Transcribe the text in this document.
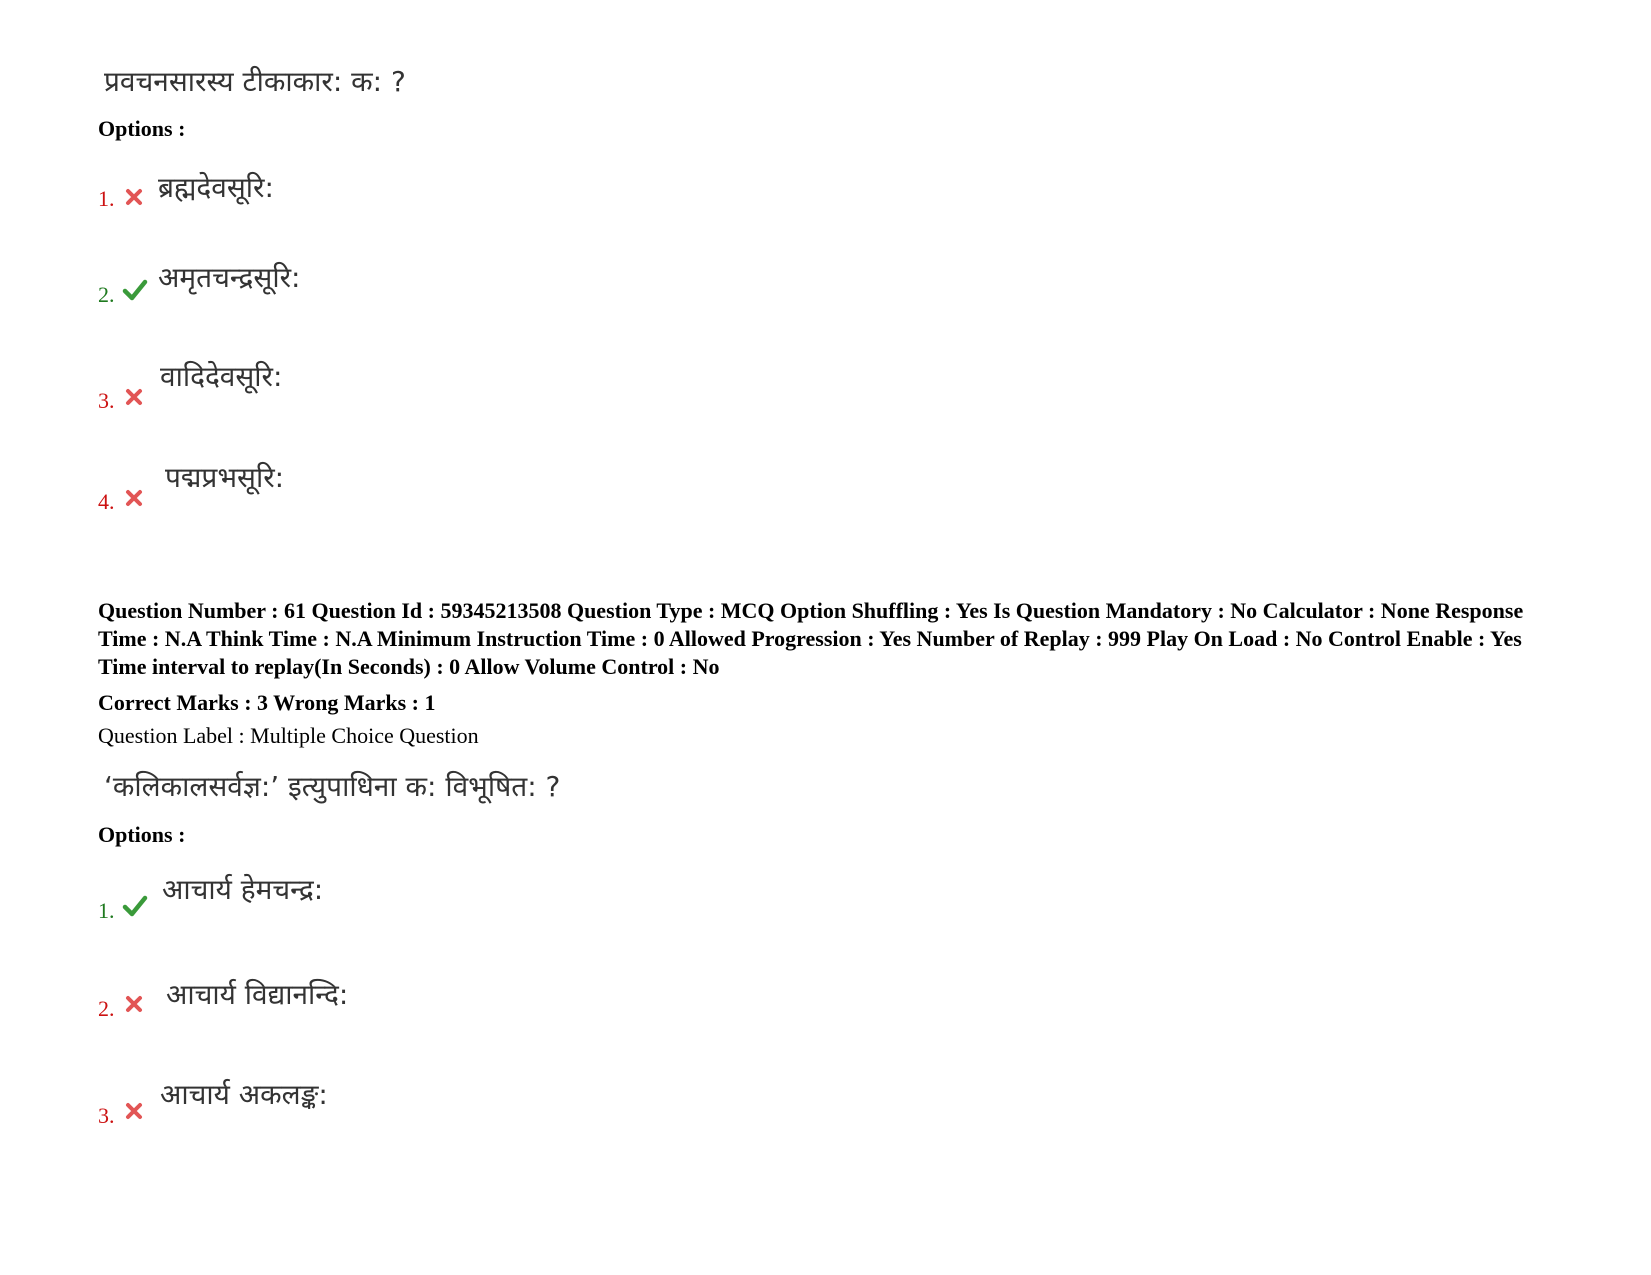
प्रवचनसारस्य टीकाकार: क: ?
Options :
1.	ब्रह्मदेवसूरि:
2.
अमृतचन्द्रसूरि:
3.
वादिदेवसूरि:
4.
पद्मप्रभसूरि:
Question Number : 61 Question Id : 59345213508 Question Type : MCQ Option Shuffling : Yes Is Question Mandatory : No Calculator : None Response Time : N.A Think Time : N.A Minimum Instruction Time : 0 Allowed Progression : Yes Number of Replay : 999 Play On Load : No Control Enable : Yes Time interval to replay(In Seconds) : 0 Allow Volume Control : No
Correct Marks : 3 Wrong Marks : 1
Question Label : Multiple Choice Question
‘कलिकालसर्वज्ञ:’ इत्युपाधिना क: विभूषित: ?
Options :
1.
आचार्य हेमचन्द्र:
2.	आचार्य विद्यानन्दि:
3.
आचार्य अकलङ्क:
